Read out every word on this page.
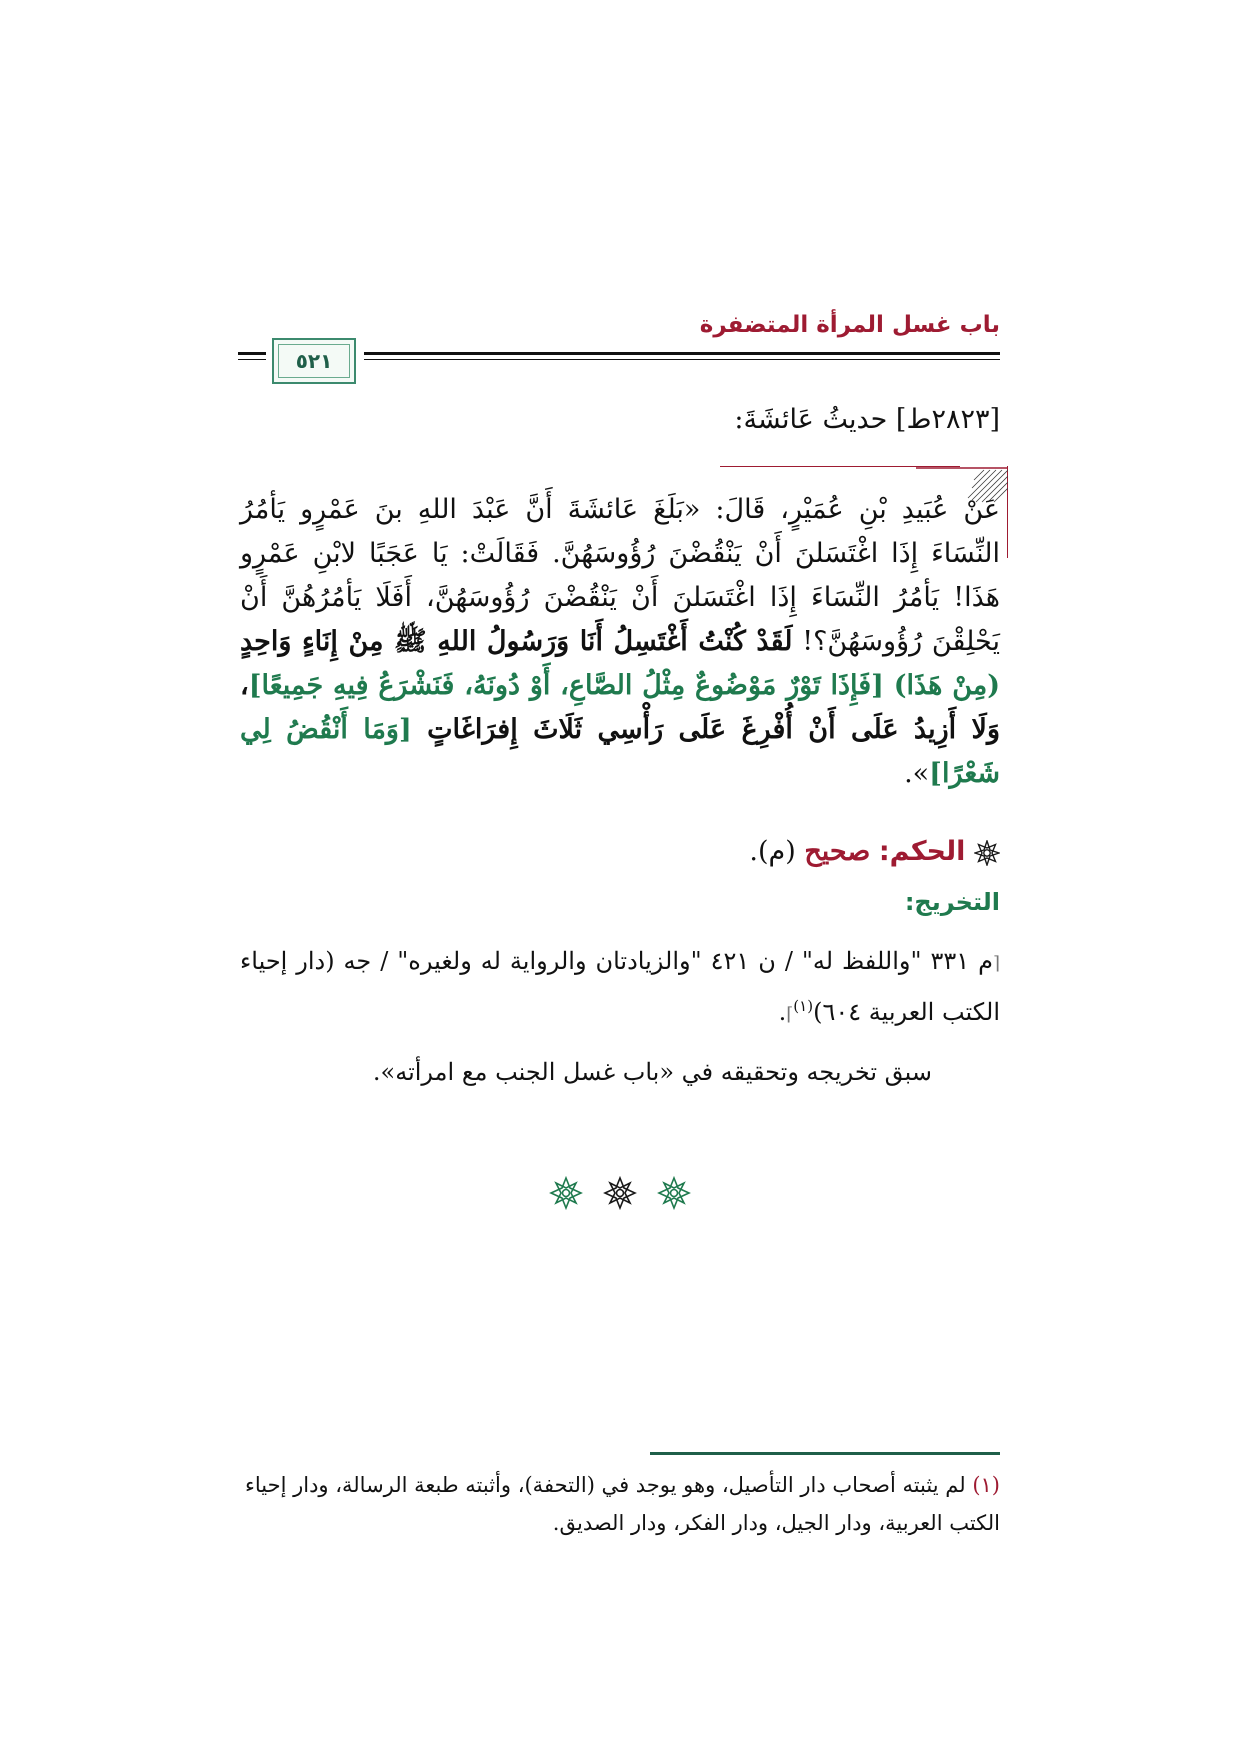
باب غسل المرأة المتضفرة
٥٢١
[٢٨٢٣ط] حديثُ عَائشَةَ:
عَنْ عُبَيدِ بْنِ عُمَيْرٍ، قَالَ: «بَلَغَ عَائشَةَ أَنَّ عَبْدَ اللهِ بنَ عَمْرٍو يَأمُرُ النِّسَاءَ إِذَا اغْتَسَلنَ أَنْ يَنْقُضْنَ رُؤُوسَهُنَّ. فَقَالَتْ: يَا عَجَبًا لابْنِ عَمْرٍو هَذَا! يَأمُرُ النِّسَاءَ إِذَا اغْتَسَلنَ أَنْ يَنْقُضْنَ رُؤُوسَهُنَّ، أَفَلَا يَأمُرُهُنَّ أَنْ يَحْلِقْنَ رُؤُوسَهُنَّ؟! لَقَدْ كُنْتُ أَغْتَسِلُ أَنَا وَرَسُولُ اللهِ ﷺ مِنْ إِنَاءٍ وَاحِدٍ (مِنْ هَذَا) [فَإِذَا تَوْرٌ مَوْضُوعٌ مِثْلُ الصَّاعِ، أَوْ دُونَهُ، فَنَشْرَعُ فِيهِ جَمِيعًا]، وَلَا أَزِيدُ عَلَى أَنْ أُفْرِغَ عَلَى رَأْسِي ثَلَاثَ إِفرَاغَاتٍ [وَمَا أَنْقُضُ لِي شَعْرًا]».
الحكم: صحيح (م).
التخريج:
⌈م ٣٣١ "واللفظ له" / ن ٤٢١ "والزيادتان والرواية له ولغيره" / جه (دار إحياء الكتب العربية ٦٠٤)$^{(١)}$⌉.
سبق تخريجه وتحقيقه في «باب غسل الجنب مع امرأته».
(١) لم يثبته أصحاب دار التأصيل، وهو يوجد في (التحفة)، وأثبته طبعة الرسالة، ودار إحياء الكتب العربية، ودار الجيل، ودار الفكر، ودار الصديق.
